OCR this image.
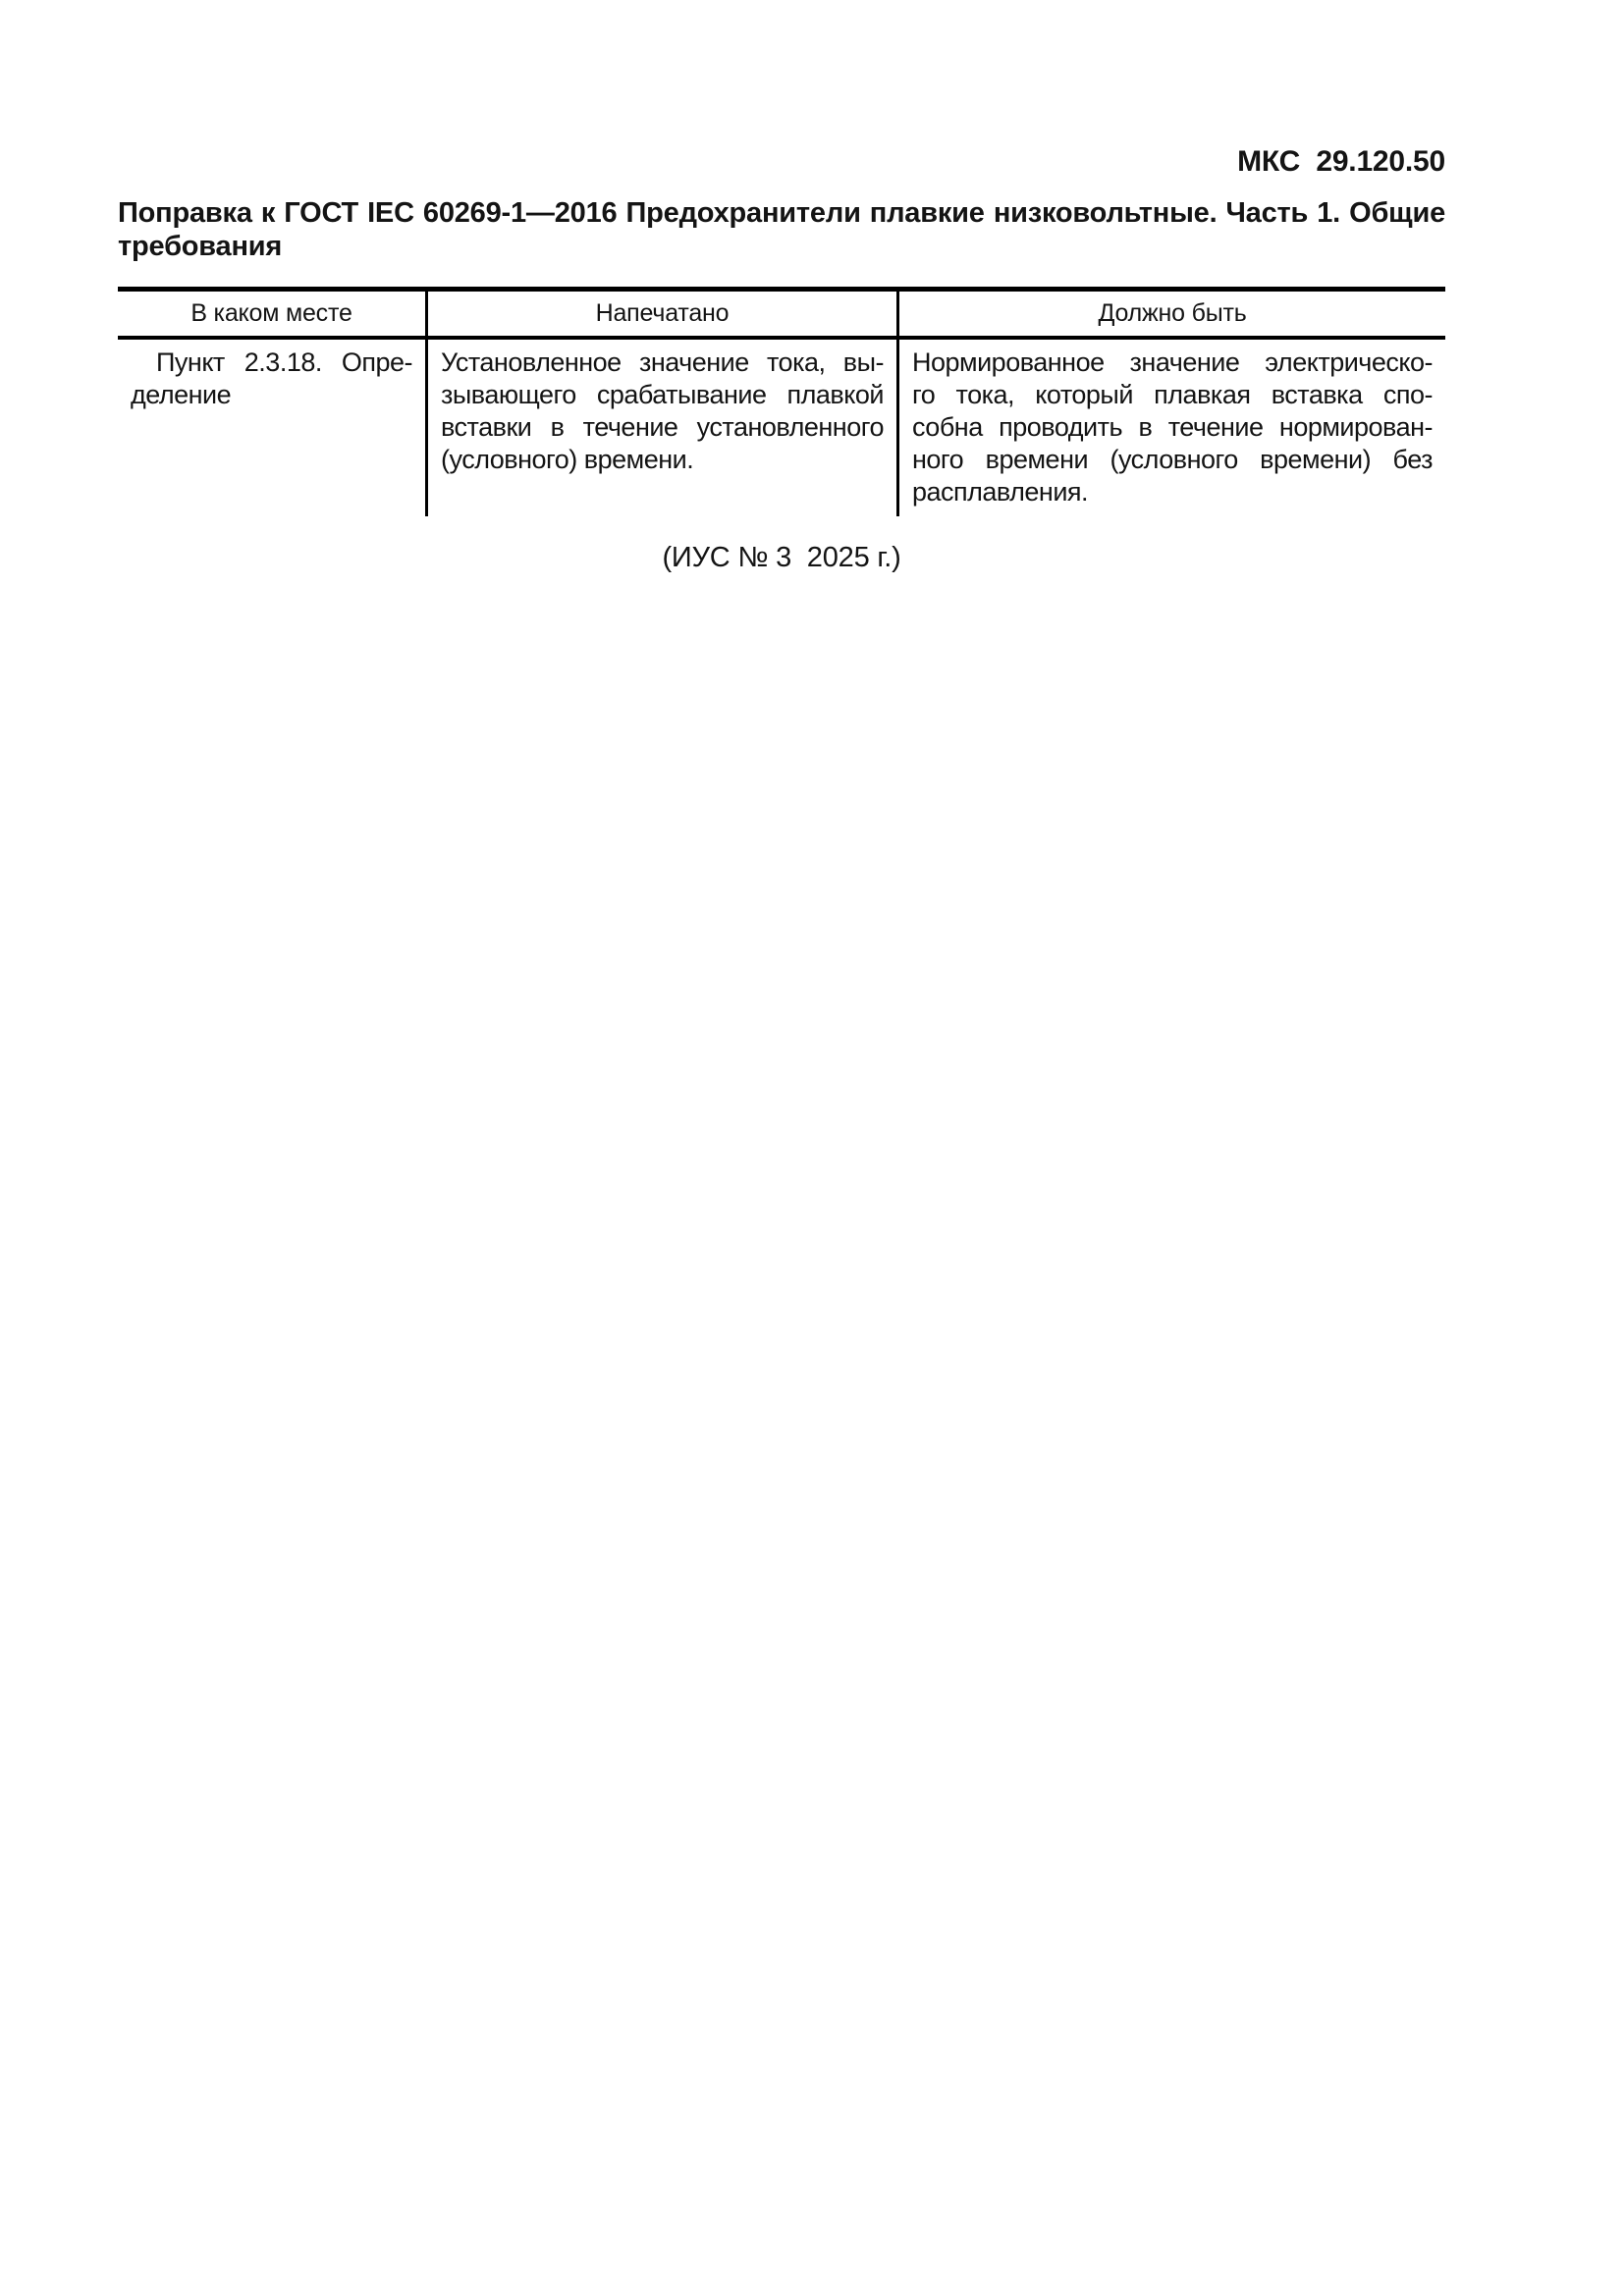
МКС  29.120.50
Поправка к ГОСТ IEC 60269-1—2016 Предохранители плавкие низковольтные. Часть 1. Общие
требования
В каком месте	Напечатано	Должно быть
Пункт 2.3.18. Опре-
деление
Установленное значение тока, вы-
зывающего срабатывание плавкой
вставки в течение установленного
(условного) времени.
Нормированное значение электрическо-
го тока, который плавкая вставка спо-
собна проводить в течение нормирован-
ного времени (условного времени) без
расплавления.
(ИУС № 3  2025 г.)
